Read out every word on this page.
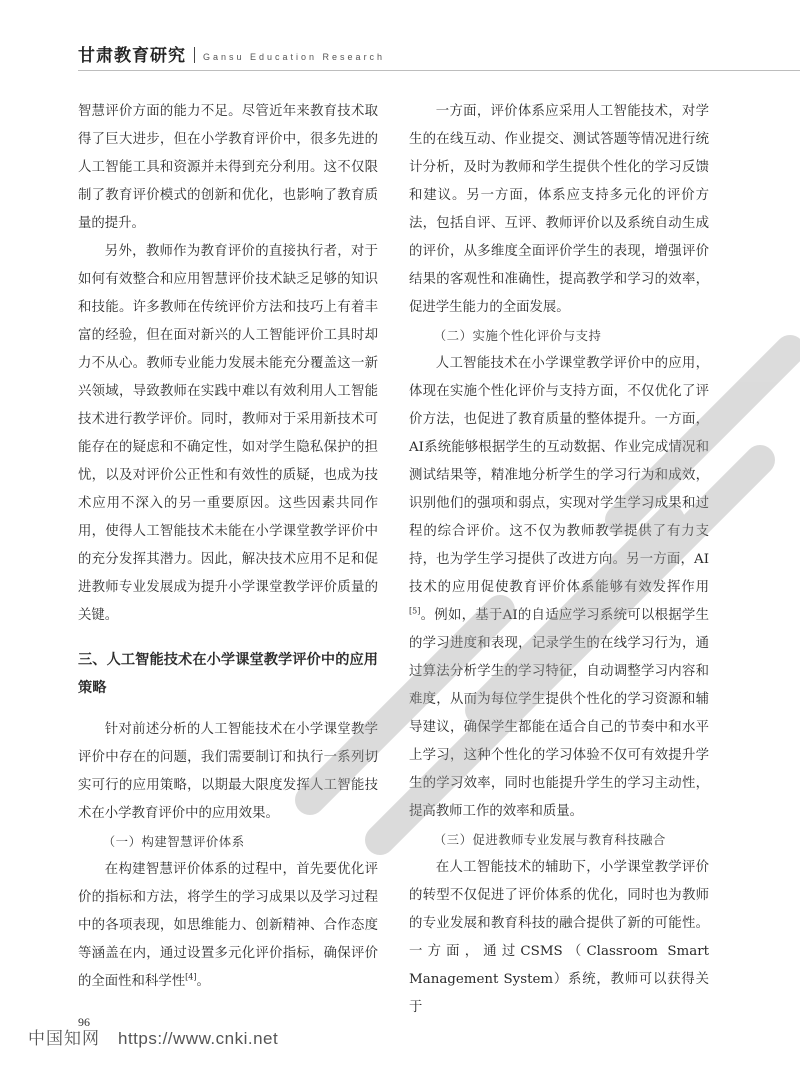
甘肃教育研究 Gansu Education Research

智慧评价方面的能力不足。尽管近年来教育技术取得了巨大进步，但在小学教育评价中，很多先进的人工智能工具和资源并未得到充分利用。这不仅限制了教育评价模式的创新和优化，也影响了教育质量的提升。

另外，教师作为教育评价的直接执行者，对于如何有效整合和应用智慧评价技术缺乏足够的知识和技能。许多教师在传统评价方法和技巧上有着丰富的经验，但在面对新兴的人工智能评价工具时却力不从心。教师专业能力发展未能充分覆盖这一新兴领域，导致教师在实践中难以有效利用人工智能技术进行教学评价。同时，教师对于采用新技术可能存在的疑虑和不确定性，如对学生隐私保护的担忧，以及对评价公正性和有效性的质疑，也成为技术应用不深入的另一重要原因。这些因素共同作用，使得人工智能技术未能在小学课堂教学评价中的充分发挥其潜力。因此，解决技术应用不足和促进教师专业发展成为提升小学课堂教学评价质量的关键。

三、人工智能技术在小学课堂教学评价中的应用策略

针对前述分析的人工智能技术在小学课堂教学评价中存在的问题，我们需要制订和执行一系列切实可行的应用策略，以期最大限度发挥人工智能技术在小学教育评价中的应用效果。

（一）构建智慧评价体系

在构建智慧评价体系的过程中，首先要优化评价的指标和方法，将学生的学习成果以及学习过程中的各项表现，如思维能力、创新精神、合作态度等涵盖在内，通过设置多元化评价指标，确保评价的全面性和科学性[4]。

一方面，评价体系应采用人工智能技术，对学生的在线互动、作业提交、测试答题等情况进行统计分析，及时为教师和学生提供个性化的学习反馈和建议。另一方面，体系应支持多元化的评价方法，包括自评、互评、教师评价以及系统自动生成的评价，从多维度全面评价学生的表现，增强评价结果的客观性和准确性，提高教学和学习的效率，促进学生能力的全面发展。

（二）实施个性化评价与支持

人工智能技术在小学课堂教学评价中的应用，体现在实施个性化评价与支持方面，不仅优化了评价方法，也促进了教育质量的整体提升。一方面，AI系统能够根据学生的互动数据、作业完成情况和测试结果等，精准地分析学生的学习行为和成效，识别他们的强项和弱点，实现对学生学习成果和过程的综合评价。这不仅为教师教学提供了有力支持，也为学生学习提供了改进方向。另一方面，AI技术的应用促使教育评价体系能够有效发挥作用[5]。例如，基于AI的自适应学习系统可以根据学生的学习进度和表现，记录学生的在线学习行为，通过算法分析学生的学习特征，自动调整学习内容和难度，从而为每位学生提供个性化的学习资源和辅导建议，确保学生都能在适合自己的节奏中和水平上学习，这种个性化的学习体验不仅可有效提升学生的学习效率，同时也能提升学生的学习主动性，提高教师工作的效率和质量。

（三）促进教师专业发展与教育科技融合

在人工智能技术的辅助下，小学课堂教学评价的转型不仅促进了评价体系的优化，同时也为教师的专业发展和教育科技的融合提供了新的可能性。一方面，通过CSMS（Classroom Smart Management System）系统，教师可以获得关于

96
中国知网 https://www.cnki.net
